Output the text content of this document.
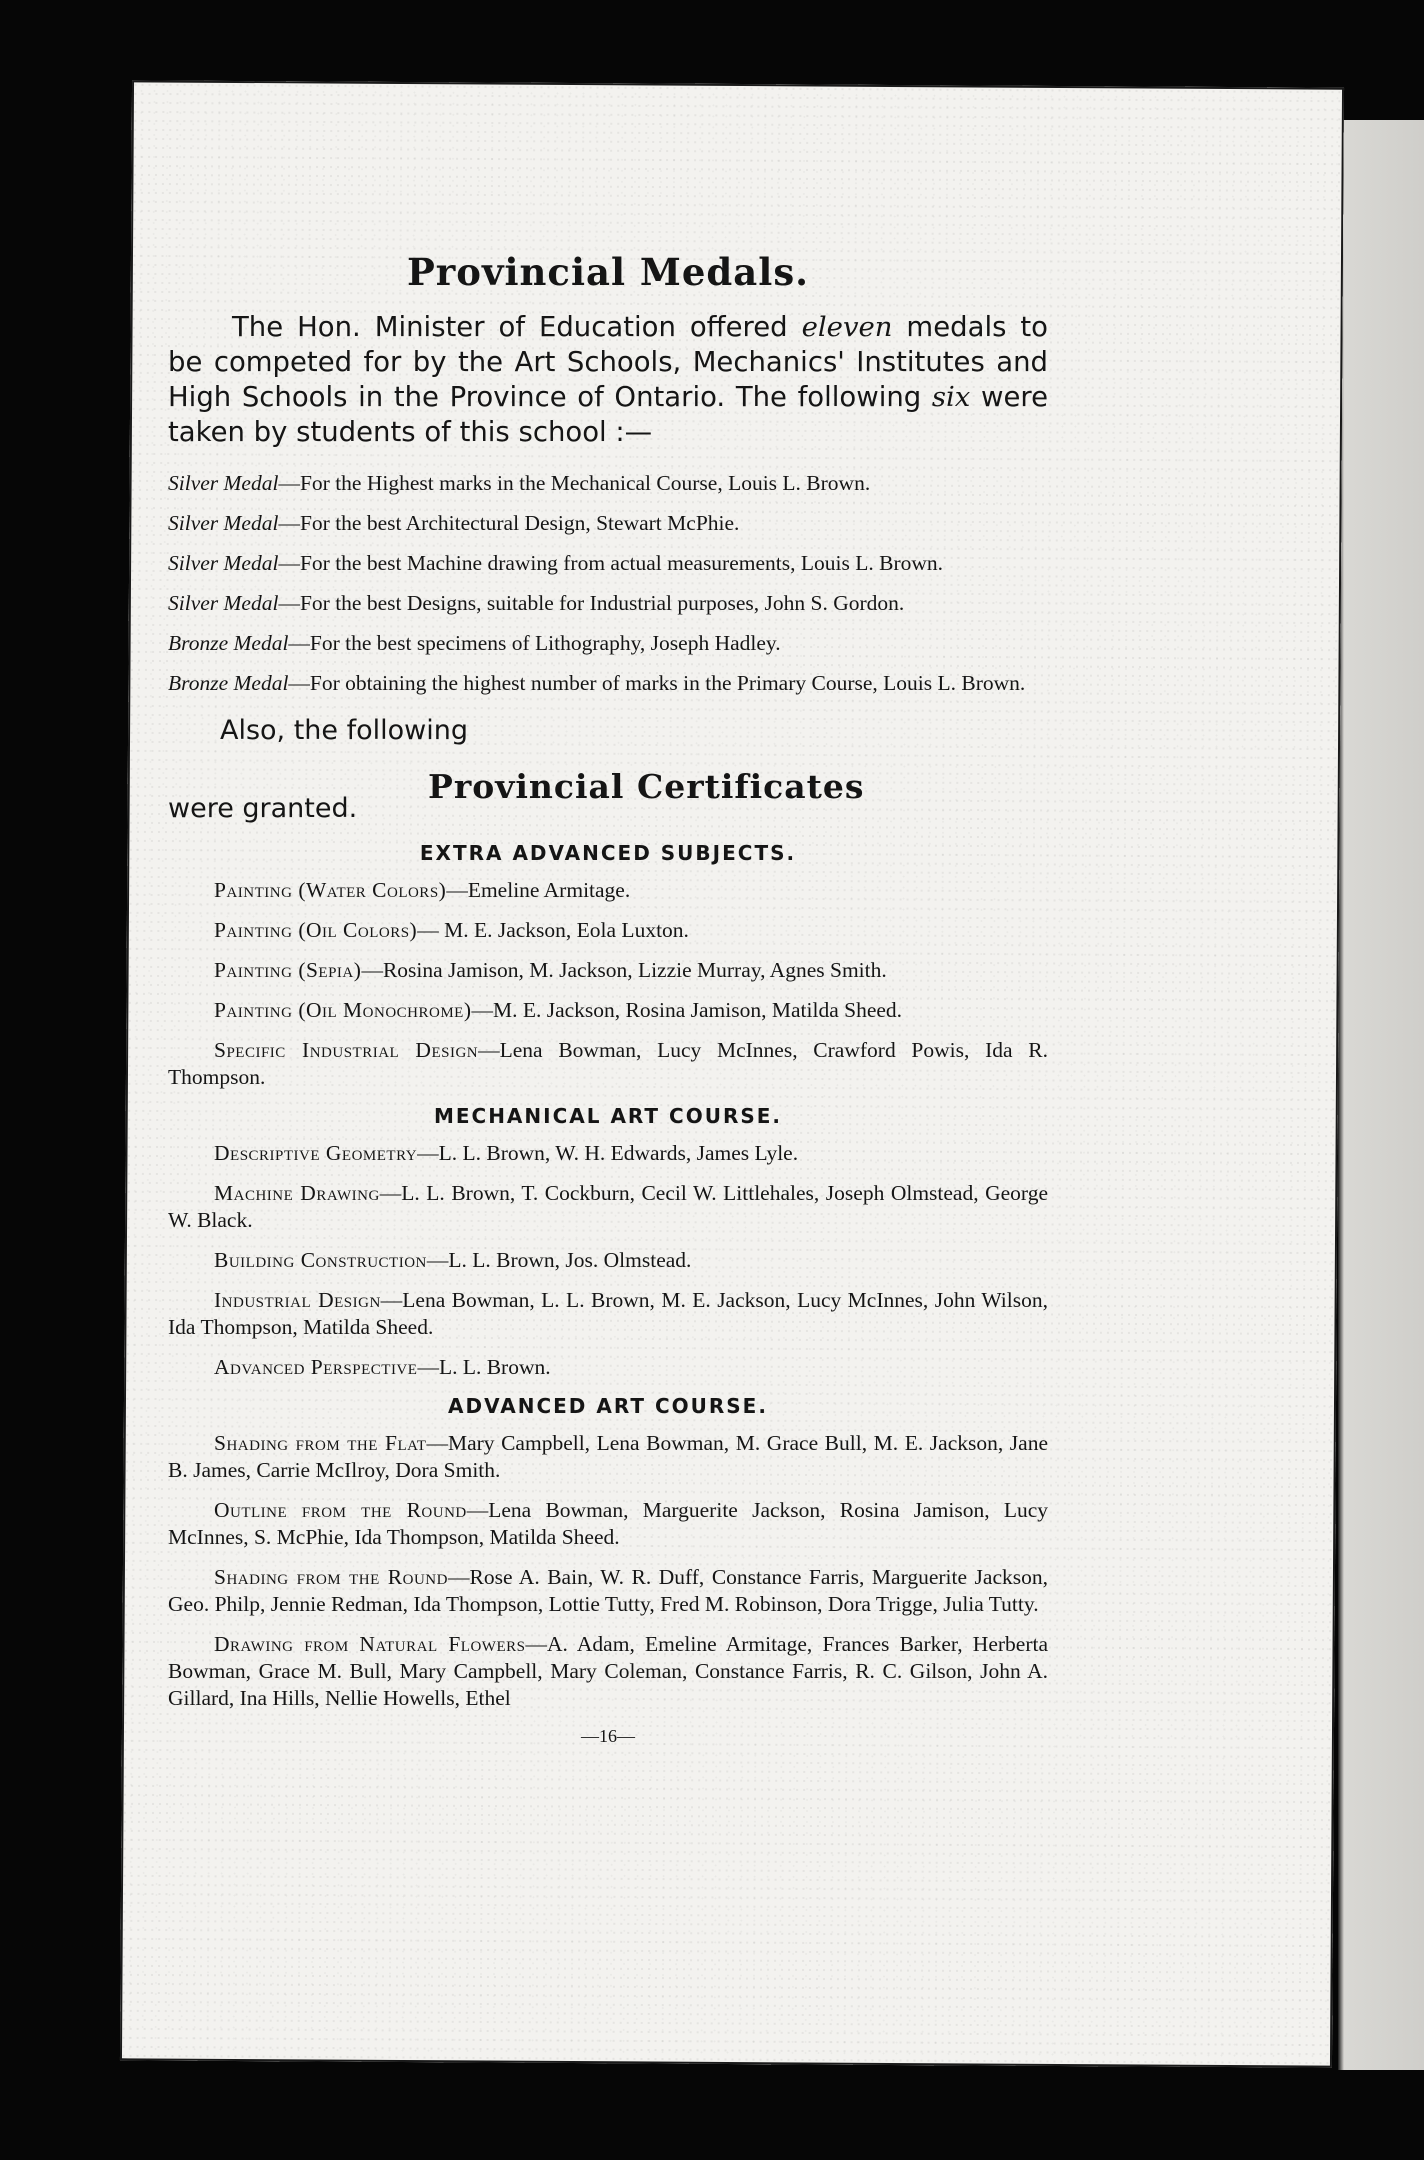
Provincial Medals.

The Hon. Minister of Education offered eleven medals to be competed for by the Art Schools, Mechanics' Institutes and High Schools in the Province of Ontario. The following six were taken by students of this school :—

Silver Medal—For the Highest marks in the Mechanical Course, Louis L. Brown.

Silver Medal—For the best Architectural Design, Stewart McPhie.

Silver Medal—For the best Machine drawing from actual measurements, Louis L. Brown.

Silver Medal—For the best Designs, suitable for Industrial purposes, John S. Gordon.

Bronze Medal—For the best specimens of Lithography, Joseph Hadley.

Bronze Medal—For obtaining the highest number of marks in the Primary Course, Louis L. Brown.

Also, the following
Provincial Certificates
were granted.
EXTRA ADVANCED SUBJECTS.

Painting (Water Colors)—Emeline Armitage.

Painting (Oil Colors)— M. E. Jackson, Eola Luxton.

Painting (Sepia)—Rosina Jamison, M. Jackson, Lizzie Murray, Agnes Smith.

Painting (Oil Monochrome)—M. E. Jackson, Rosina Jamison, Matilda Sheed.

Specific Industrial Design—Lena Bowman, Lucy McInnes, Crawford Powis, Ida R. Thompson.

MECHANICAL ART COURSE.

Descriptive Geometry—L. L. Brown, W. H. Edwards, James Lyle.

Machine Drawing—L. L. Brown, T. Cockburn, Cecil W. Littlehales, Joseph Olmstead, George W. Black.

Building Construction—L. L. Brown, Jos. Olmstead.

Industrial Design—Lena Bowman, L. L. Brown, M. E. Jackson, Lucy McInnes, John Wilson, Ida Thompson, Matilda Sheed.

Advanced Perspective—L. L. Brown.

ADVANCED ART COURSE.

Shading from the Flat—Mary Campbell, Lena Bowman, M. Grace Bull, M. E. Jackson, Jane B. James, Carrie McIlroy, Dora Smith.

Outline from the Round—Lena Bowman, Marguerite Jackson, Rosina Jamison, Lucy McInnes, S. McPhie, Ida Thompson, Matilda Sheed.

Shading from the Round—Rose A. Bain, W. R. Duff, Constance Farris, Marguerite Jackson, Geo. Philp, Jennie Redman, Ida Thompson, Lottie Tutty, Fred M. Robinson, Dora Trigge, Julia Tutty.

Drawing from Natural Flowers—A. Adam, Emeline Armitage, Frances Barker, Herberta Bowman, Grace M. Bull, Mary Campbell, Mary Coleman, Constance Farris, R. C. Gilson, John A. Gillard, Ina Hills, Nellie Howells, Ethel

—16—
